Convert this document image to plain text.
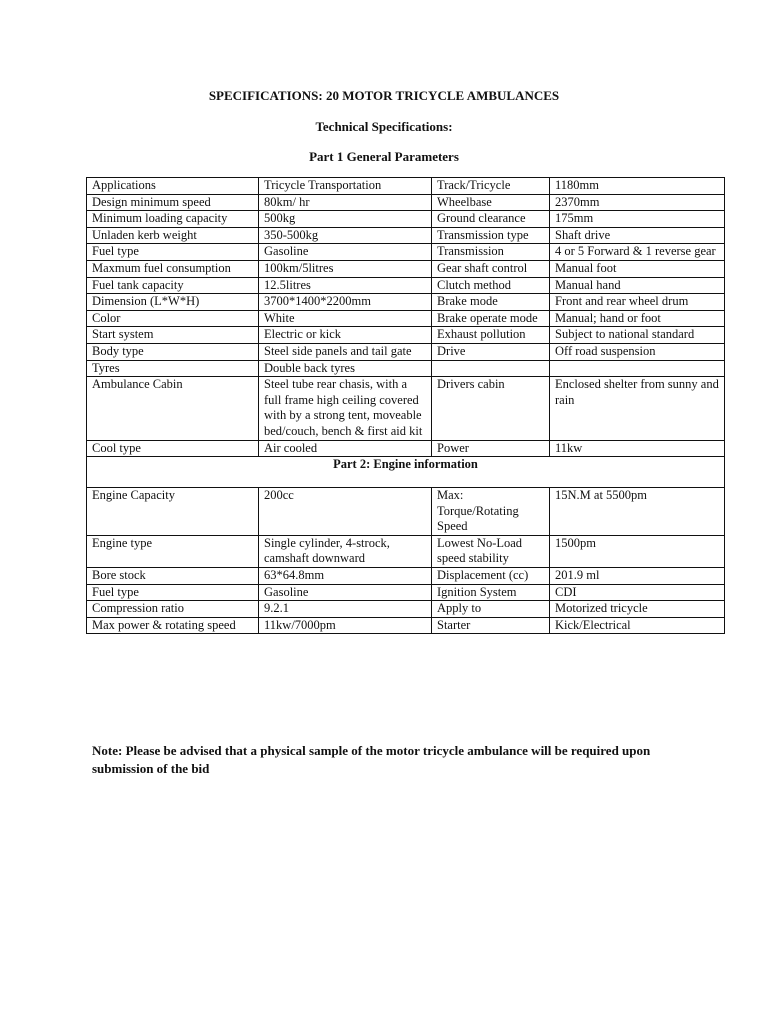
SPECIFICATIONS: 20 MOTOR TRICYCLE AMBULANCES
Technical Specifications:
Part 1 General Parameters
Applications	Tricycle Transportation	Track/Tricycle	1180mm
Design minimum speed	80km/ hr	Wheelbase	2370mm
Minimum loading capacity	500kg	Ground clearance	175mm
Unladen kerb weight	350-500kg	Transmission type	Shaft drive
Fuel type	Gasoline	Transmission	4 or 5 Forward & 1 reverse gear
Maxmum fuel consumption	100km/5litres	Gear shaft control	Manual foot
Fuel tank capacity	12.5litres	Clutch method	Manual hand
Dimension (L*W*H)	3700*1400*2200mm	Brake mode	Front and rear wheel drum
Color	White	Brake operate mode	Manual; hand or foot
Start system	Electric or kick	Exhaust pollution	Subject to national standard
Body type	Steel side panels and tail gate	Drive	Off road suspension
Tyres	Double back tyres		
Ambulance Cabin	Steel tube rear chasis, with a full frame high ceiling covered with by a strong tent, moveable bed/couch, bench & first aid kit	Drivers cabin	Enclosed shelter from sunny and rain
Cool type	Air cooled	Power	11kw
Part 2: Engine information			
Engine Capacity	200cc	Max: Torque/Rotating Speed	15N.M at 5500pm
Engine type	Single cylinder, 4-strock, camshaft downward	Lowest No-Load speed stability	1500pm
Bore stock	63*64.8mm	Displacement (cc)	201.9 ml
Fuel type	Gasoline	Ignition System	CDI
Compression ratio	9.2.1	Apply to	Motorized tricycle
Max power & rotating speed	11kw/7000pm	Starter	Kick/Electrical
Note: Please be advised that a physical sample of the motor tricycle ambulance will be required upon submission of the bid
